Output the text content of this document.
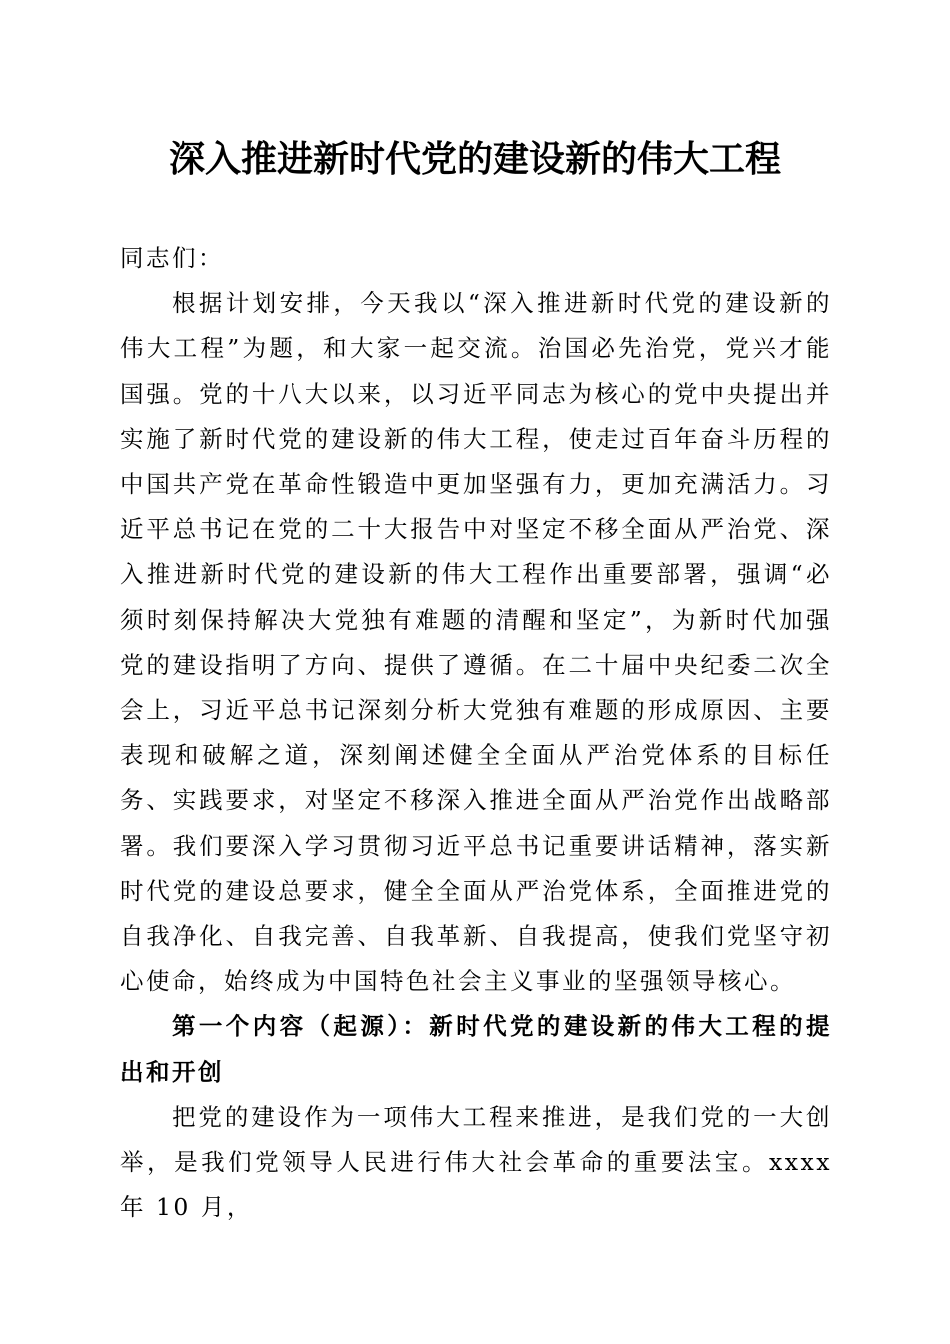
深入推进新时代党的建设新的伟大工程

同志们：

根据计划安排，今天我以“深入推进新时代党的建设新的伟大工程”为题，和大家一起交流。治国必先治党，党兴才能国强。党的十八大以来，以习近平同志为核心的党中央提出并实施了新时代党的建设新的伟大工程，使走过百年奋斗历程的中国共产党在革命性锻造中更加坚强有力，更加充满活力。习近平总书记在党的二十大报告中对坚定不移全面从严治党、深入推进新时代党的建设新的伟大工程作出重要部署，强调“必须时刻保持解决大党独有难题的清醒和坚定”，为新时代加强党的建设指明了方向、提供了遵循。在二十届中央纪委二次全会上，习近平总书记深刻分析大党独有难题的形成原因、主要表现和破解之道，深刻阐述健全全面从严治党体系的目标任务、实践要求，对坚定不移深入推进全面从严治党作出战略部署。我们要深入学习贯彻习近平总书记重要讲话精神，落实新时代党的建设总要求，健全全面从严治党体系，全面推进党的自我净化、自我完善、自我革新、自我提高，使我们党坚守初心使命，始终成为中国特色社会主义事业的坚强领导核心。

第一个内容（起源）：新时代党的建设新的伟大工程的提出和开创

把党的建设作为一项伟大工程来推进，是我们党的一大创举，是我们党领导人民进行伟大社会革命的重要法宝。xxxx 年 10 月，
